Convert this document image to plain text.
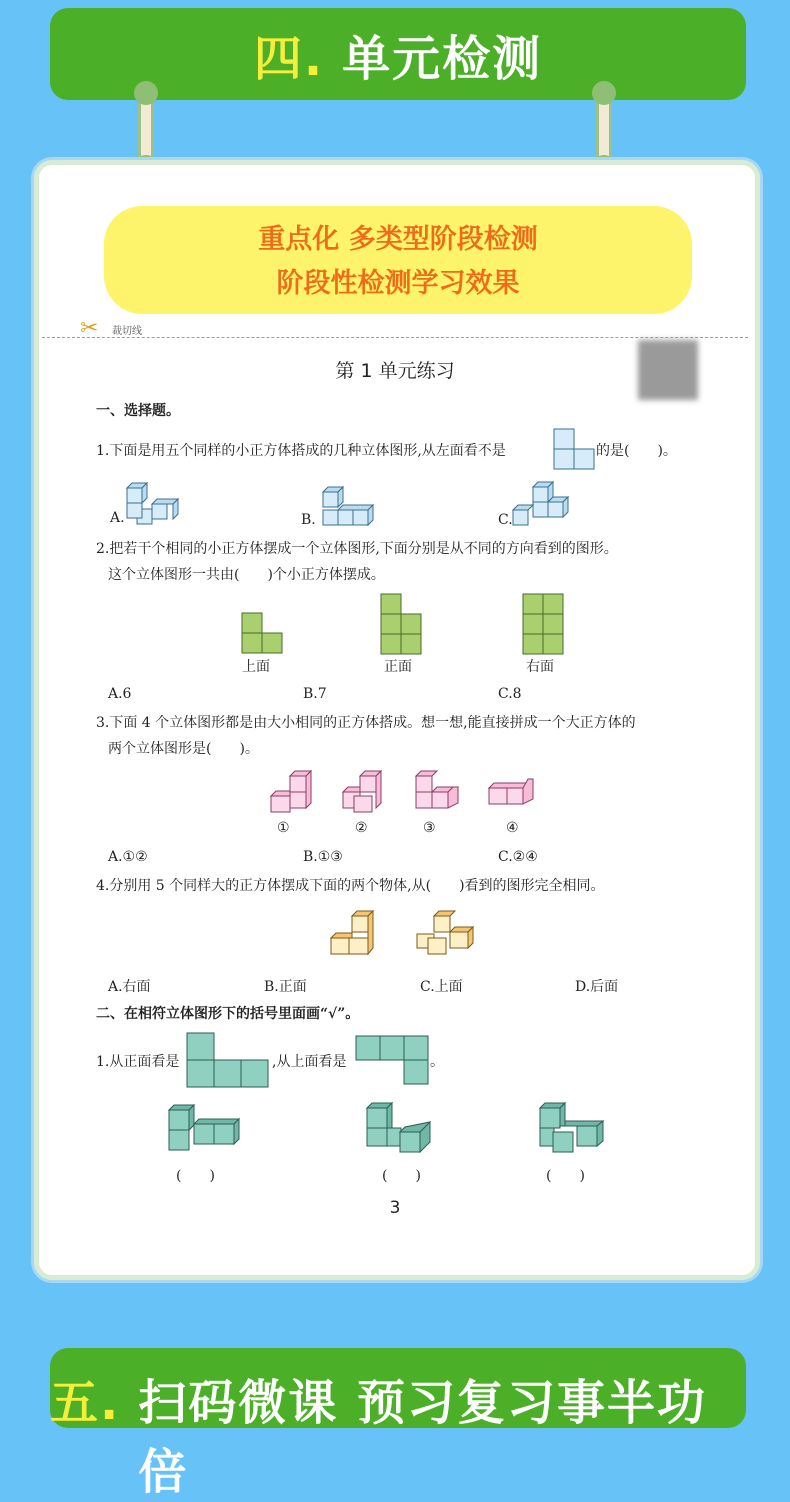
四. 单元检测
重点化 多类型阶段检测
阶段性检测学习效果
✂ 裁切线
第 1 单元练习
一、选择题。
1.下面是用五个同样的小正方体搭成的几种立体图形,从左面看不是	的是(　　)。
A.	B.	C.
2.把若干个相同的小正方体摆成一个立体图形,下面分别是从不同的方向看到的图形。
这个立体图形一共由(　　)个小正方体摆成。
上面	正面	右面
A.6	B.7	C.8
3.下面 4 个立体图形都是由大小相同的正方体搭成。想一想,能直接拼成一个大正方体的
两个立体图形是(　　)。
①	②	③	④
A.①②	B.①③	C.②④
4.分别用 5 个同样大的正方体摆成下面的两个物体,从(　　)看到的图形完全相同。
A.右面	B.正面	C.上面	D.后面
二、在相符立体图形下的括号里面画“√”。
1.从正面看是	,从上面看是	。
(　　)	(　　)	(　　)
3
五. 扫码微课 预习复习事半功倍
